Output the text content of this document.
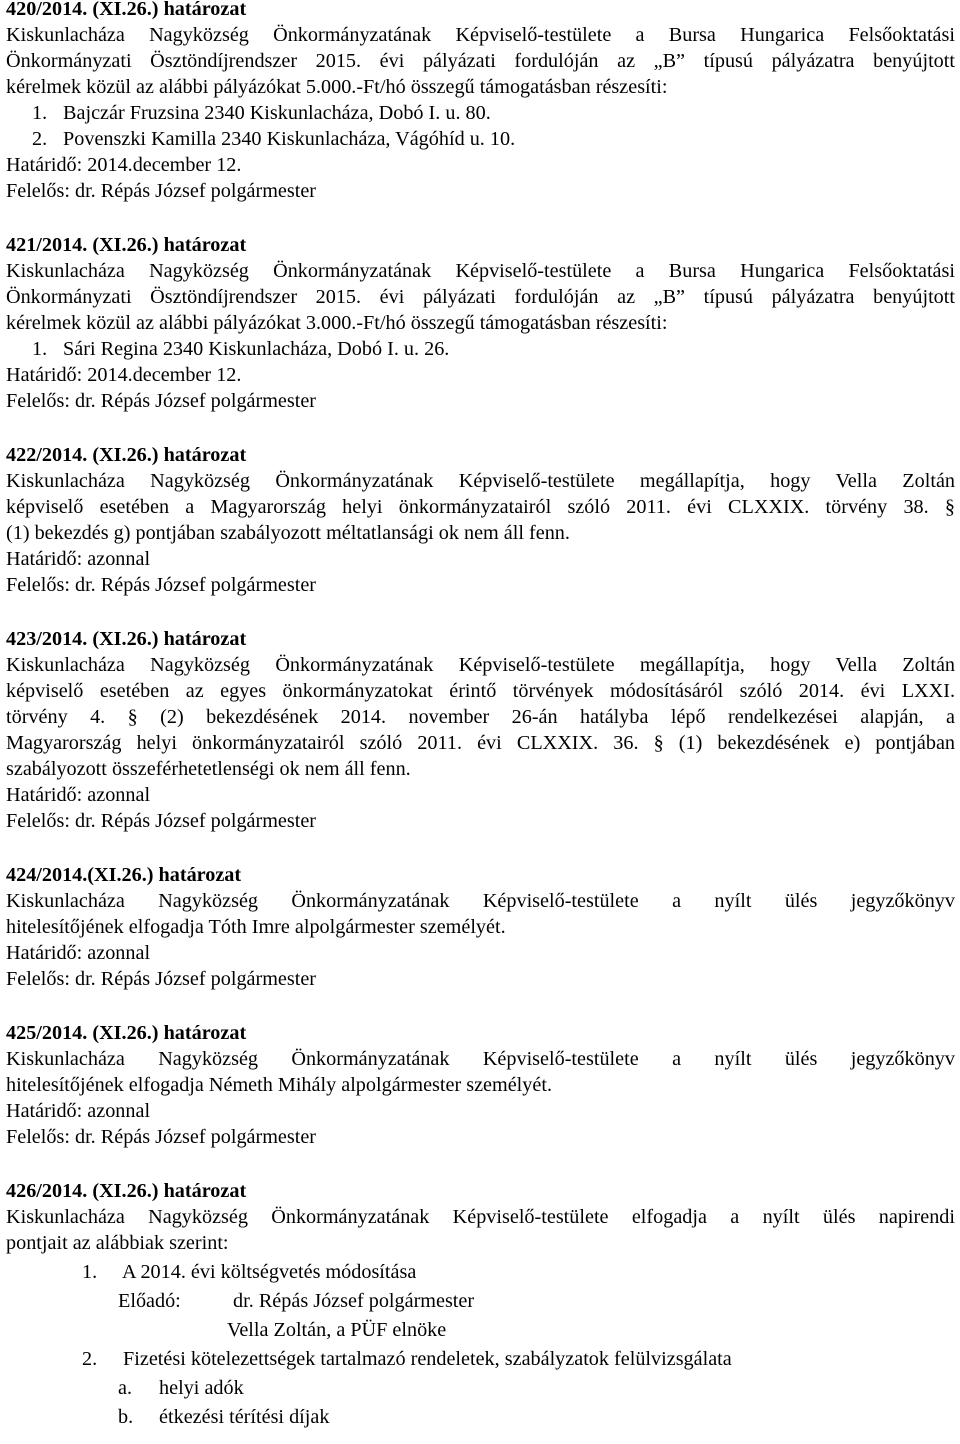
420/2014. (XI.26.) határozat
Kiskunlacháza Nagyközség Önkormányzatának Képviselő-testülete a Bursa Hungarica Felsőoktatási
Önkormányzati Ösztöndíjrendszer 2015. évi pályázati fordulóján az „B” típusú pályázatra benyújtott
kérelmek közül az alábbi pályázókat 5.000.-Ft/hó összegű támogatásban részesíti:
1. Bajczár Fruzsina 2340 Kiskunlacháza, Dobó I. u. 80.
2. Povenszki Kamilla 2340 Kiskunlacháza, Vágóhíd u. 10.
Határidő: 2014.december 12.
Felelős: dr. Répás József polgármester
421/2014. (XI.26.) határozat
Kiskunlacháza Nagyközség Önkormányzatának Képviselő-testülete a Bursa Hungarica Felsőoktatási
Önkormányzati Ösztöndíjrendszer 2015. évi pályázati fordulóján az „B” típusú pályázatra benyújtott
kérelmek közül az alábbi pályázókat 3.000.-Ft/hó összegű támogatásban részesíti:
1. Sári Regina 2340 Kiskunlacháza, Dobó I. u. 26.
Határidő: 2014.december 12.
Felelős: dr. Répás József polgármester
422/2014. (XI.26.) határozat
Kiskunlacháza Nagyközség Önkormányzatának Képviselő-testülete megállapítja, hogy Vella Zoltán
képviselő esetében a Magyarország helyi önkormányzatairól szóló 2011. évi CLXXIX. törvény 38. §
(1) bekezdés g) pontjában szabályozott méltatlansági ok nem áll fenn.
Határidő: azonnal
Felelős: dr. Répás József polgármester
423/2014. (XI.26.) határozat
Kiskunlacháza Nagyközség Önkormányzatának Képviselő-testülete megállapítja, hogy Vella Zoltán
képviselő esetében az egyes önkormányzatokat érintő törvények módosításáról szóló 2014. évi LXXI.
törvény 4. § (2) bekezdésének 2014. november 26-án hatályba lépő rendelkezései alapján, a
Magyarország helyi önkormányzatairól szóló 2011. évi CLXXIX. 36. § (1) bekezdésének e) pontjában
szabályozott összeférhetetlenségi ok nem áll fenn.
Határidő: azonnal
Felelős: dr. Répás József polgármester
424/2014.(XI.26.) határozat
Kiskunlacháza Nagyközség Önkormányzatának Képviselő-testülete a nyílt ülés jegyzőkönyv
hitelesítőjének elfogadja Tóth Imre alpolgármester személyét.
Határidő: azonnal
Felelős: dr. Répás József polgármester
425/2014. (XI.26.) határozat
Kiskunlacháza Nagyközség Önkormányzatának Képviselő-testülete a nyílt ülés jegyzőkönyv
hitelesítőjének elfogadja Németh Mihály alpolgármester személyét.
Határidő: azonnal
Felelős: dr. Répás József polgármester
426/2014. (XI.26.) határozat
Kiskunlacháza Nagyközség Önkormányzatának Képviselő-testülete elfogadja a nyílt ülés napirendi
pontjait az alábbiak szerint:
1. A 2014. évi költségvetés módosítása
Előadó:	dr. Répás József polgármester
Vella Zoltán, a PÜF elnöke
2. Fizetési kötelezettségek tartalmazó rendeletek, szabályzatok felülvizsgálata
a. helyi adók
b. étkezési térítési díjak
